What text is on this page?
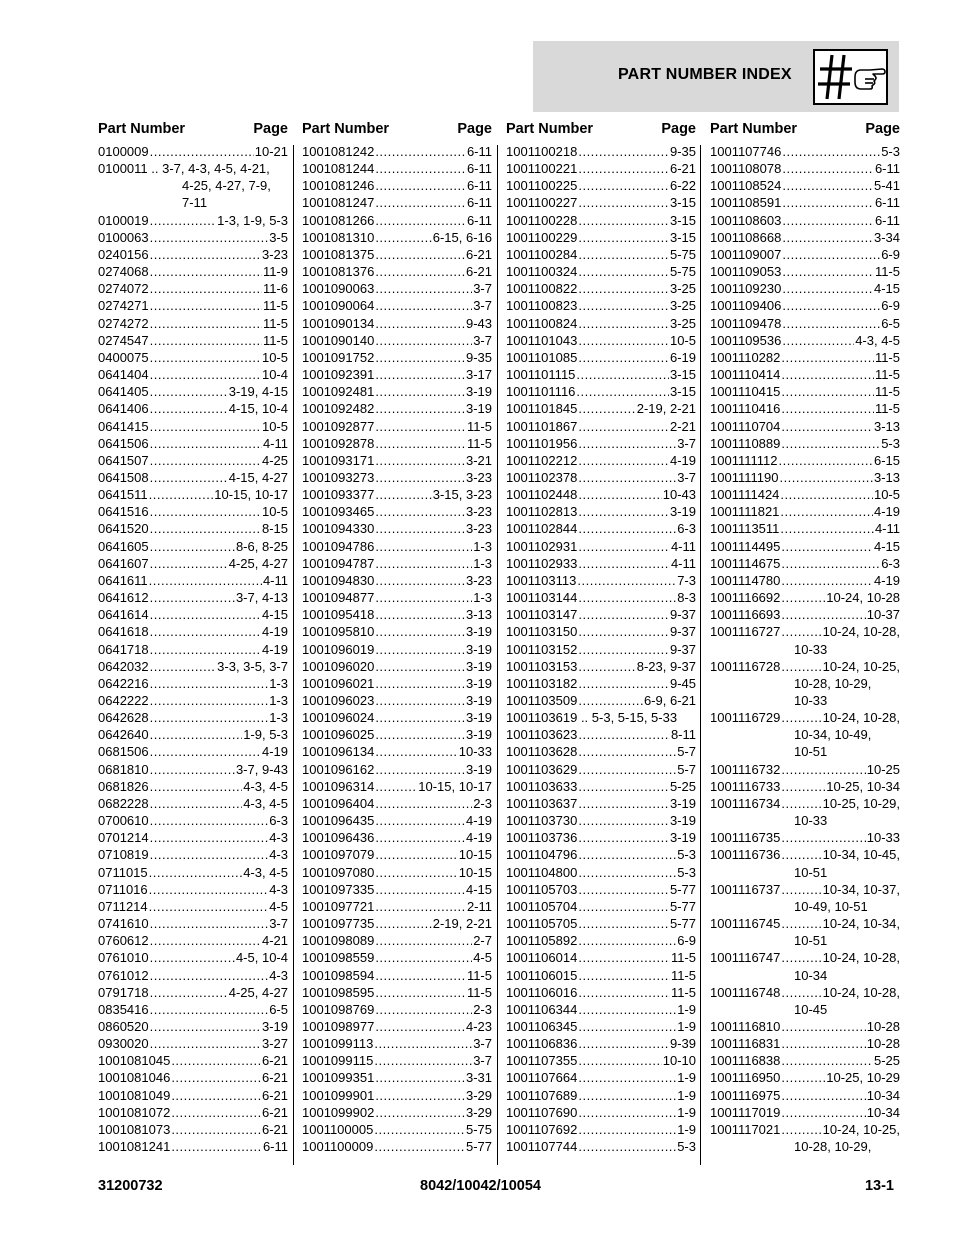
PART NUMBER INDEX
Part Number	Page
0100009 .....	10-21
0100011 .. 3-7, 4-3, 4-5, 4-21,
4-25, 4-27, 7-9,
7-11
0100019 .....	1-3, 1-9, 5-3
0100063 .....	3-5
0240156 .....	3-23
0274068 .....	11-9
0274072 .....	11-6
0274271 .....	11-5
0274272 .....	11-5
0274547 .....	11-5
0400075 .....	10-5
0641404 .....	10-4
0641405 .....	3-19, 4-15
0641406 .....	4-15, 10-4
0641415 .....	10-5
0641506 .....	4-11
0641507 .....	4-25
0641508 .....	4-15, 4-27
0641511 .....	10-15, 10-17
0641516 .....	10-5
0641520 .....	8-15
0641605 .....	8-6, 8-25
0641607 .....	4-25, 4-27
0641611 .....	4-11
0641612 .....	3-7, 4-13
0641614 .....	4-15
0641618 .....	4-19
0641718 .....	4-19
0642032 .....	3-3, 3-5, 3-7
0642216 .....	1-3
0642222 .....	1-3
0642628 .....	1-3
0642640 .....	1-9, 5-3
0681506 .....	4-19
0681810 .....	3-7, 9-43
0681826 .....	4-3, 4-5
0682228 .....	4-3, 4-5
0700610 .....	6-3
0701214 .....	4-3
0710819 .....	4-3
0711015 .....	4-3, 4-5
0711016 .....	4-3
0711214 .....	4-5
0741610 .....	3-7
0760612 .....	4-21
0761010 .....	4-5, 10-4
0761012 .....	4-3
0791718 .....	4-25, 4-27
0835416 .....	6-5
0860520 .....	3-19
0930020 .....	3-27
1001081045 .....	6-21
1001081046 .....	6-21
1001081049 .....	6-21
1001081072 .....	6-21
1001081073 .....	6-21
1001081241 .....	6-11
Part Number	Page
1001081242 .....	6-11
1001081244 .....	6-11
1001081246 .....	6-11
1001081247 .....	6-11
1001081266 .....	6-11
1001081310 .....	6-15, 6-16
1001081375 .....	6-21
1001081376 .....	6-21
1001090063 .....	3-7
1001090064 .....	3-7
1001090134 .....	9-43
1001090140 .....	3-7
1001091752 .....	9-35
1001092391 .....	3-17
1001092481 .....	3-19
1001092482 .....	3-19
1001092877 .....	11-5
1001092878 .....	11-5
1001093171 .....	3-21
1001093273 .....	3-23
1001093377 .....	3-15, 3-23
1001093465 .....	3-23
1001094330 .....	3-23
1001094786 .....	1-3
1001094787 .....	1-3
1001094830 .....	3-23
1001094877 .....	1-3
1001095418 .....	3-13
1001095810 .....	3-19
1001096019 .....	3-19
1001096020 .....	3-19
1001096021 .....	3-19
1001096023 .....	3-19
1001096024 .....	3-19
1001096025 .....	3-19
1001096134 .....	10-33
1001096162 .....	3-19
1001096314 .....	10-15, 10-17
1001096404 .....	2-3
1001096435 .....	4-19
1001096436 .....	4-19
1001097079 .....	10-15
1001097080 .....	10-15
1001097335 .....	4-15
1001097721 .....	2-11
1001097735 .....	2-19, 2-21
1001098089 .....	2-7
1001098559 .....	4-5
1001098594 .....	11-5
1001098595 .....	11-5
1001098769 .....	2-3
1001098977 .....	4-23
1001099113 .....	3-7
1001099115 .....	3-7
1001099351 .....	3-31
1001099901 .....	3-29
1001099902 .....	3-29
1001100005 .....	5-75
1001100009 .....	5-77
Part Number	Page
1001100218 .....	9-35
1001100221 .....	6-21
1001100225 .....	6-22
1001100227 .....	3-15
1001100228 .....	3-15
1001100229 .....	3-15
1001100284 .....	5-75
1001100324 .....	5-75
1001100822 .....	3-25
1001100823 .....	3-25
1001100824 .....	3-25
1001101043 .....	10-5
1001101085 .....	6-19
1001101115 .....	3-15
1001101116 .....	3-15
1001101845 .....	2-19, 2-21
1001101867 .....	2-21
1001101956 .....	3-7
1001102212 .....	4-19
1001102378 .....	3-7
1001102448 .....	10-43
1001102813 .....	3-19
1001102844 .....	6-3
1001102931 .....	4-11
1001102933 .....	4-11
1001103113 .....	7-3
1001103144 .....	8-3
1001103147 .....	9-37
1001103150 .....	9-37
1001103152 .....	9-37
1001103153 .....	8-23, 9-37
1001103182 .....	9-45
1001103509 .....	6-9, 6-21
1001103619 .. 5-3, 5-15, 5-33
1001103623 .....	8-11
1001103628 .....	5-7
1001103629 .....	5-7
1001103633 .....	5-25
1001103637 .....	3-19
1001103730 .....	3-19
1001103736 .....	3-19
1001104796 .....	5-3
1001104800 .....	5-3
1001105703 .....	5-77
1001105704 .....	5-77
1001105705 .....	5-77
1001105892 .....	6-9
1001106014 .....	11-5
1001106015 .....	11-5
1001106016 .....	11-5
1001106344 .....	1-9
1001106345 .....	1-9
1001106836 .....	9-39
1001107355 .....	10-10
1001107664 .....	1-9
1001107689 .....	1-9
1001107690 .....	1-9
1001107692 .....	1-9
1001107744 .....	5-3
Part Number	Page
1001107746 .....	5-3
1001108078 .....	6-11
1001108524 .....	5-41
1001108591 .....	6-11
1001108603 .....	6-11
1001108668 .....	3-34
1001109007 .....	6-9
1001109053 .....	11-5
1001109230 .....	4-15
1001109406 .....	6-9
1001109478 .....	6-5
1001109536 .....	4-3, 4-5
1001110282 .....	11-5
1001110414 .....	11-5
1001110415 .....	11-5
1001110416 .....	11-5
1001110704 .....	3-13
1001110889 .....	5-3
1001111112 .....	6-15
1001111190 .....	3-13
1001111424 .....	10-5
1001111821 .....	4-19
1001113511 .....	4-11
1001114495 .....	4-15
1001114675 .....	6-3
1001114780 .....	4-19
1001116692 .....	10-24, 10-28
1001116693 .....	10-37
1001116727 .....	10-24, 10-28,
10-33
1001116728 .....	10-24, 10-25,
10-28, 10-29,
10-33
1001116729 .....	10-24, 10-28,
10-34, 10-49,
10-51
1001116732 .....	10-25
1001116733 .....	10-25, 10-34
1001116734 .....	10-25, 10-29,
10-33
1001116735 .....	10-33
1001116736 .....	10-34, 10-45,
10-51
1001116737 .....	10-34, 10-37,
10-49, 10-51
1001116745 .....	10-24, 10-34,
10-51
1001116747 .....	10-24, 10-28,
10-34
1001116748 .....	10-24, 10-28,
10-45
1001116810 .....	10-28
1001116831 .....	10-28
1001116838 .....	5-25
1001116950 .....	10-25, 10-29
1001116975 .....	10-34
1001117019 .....	10-34
1001117021 .....	10-24, 10-25,
10-28, 10-29,
31200732	8042/10042/10054	13-1
